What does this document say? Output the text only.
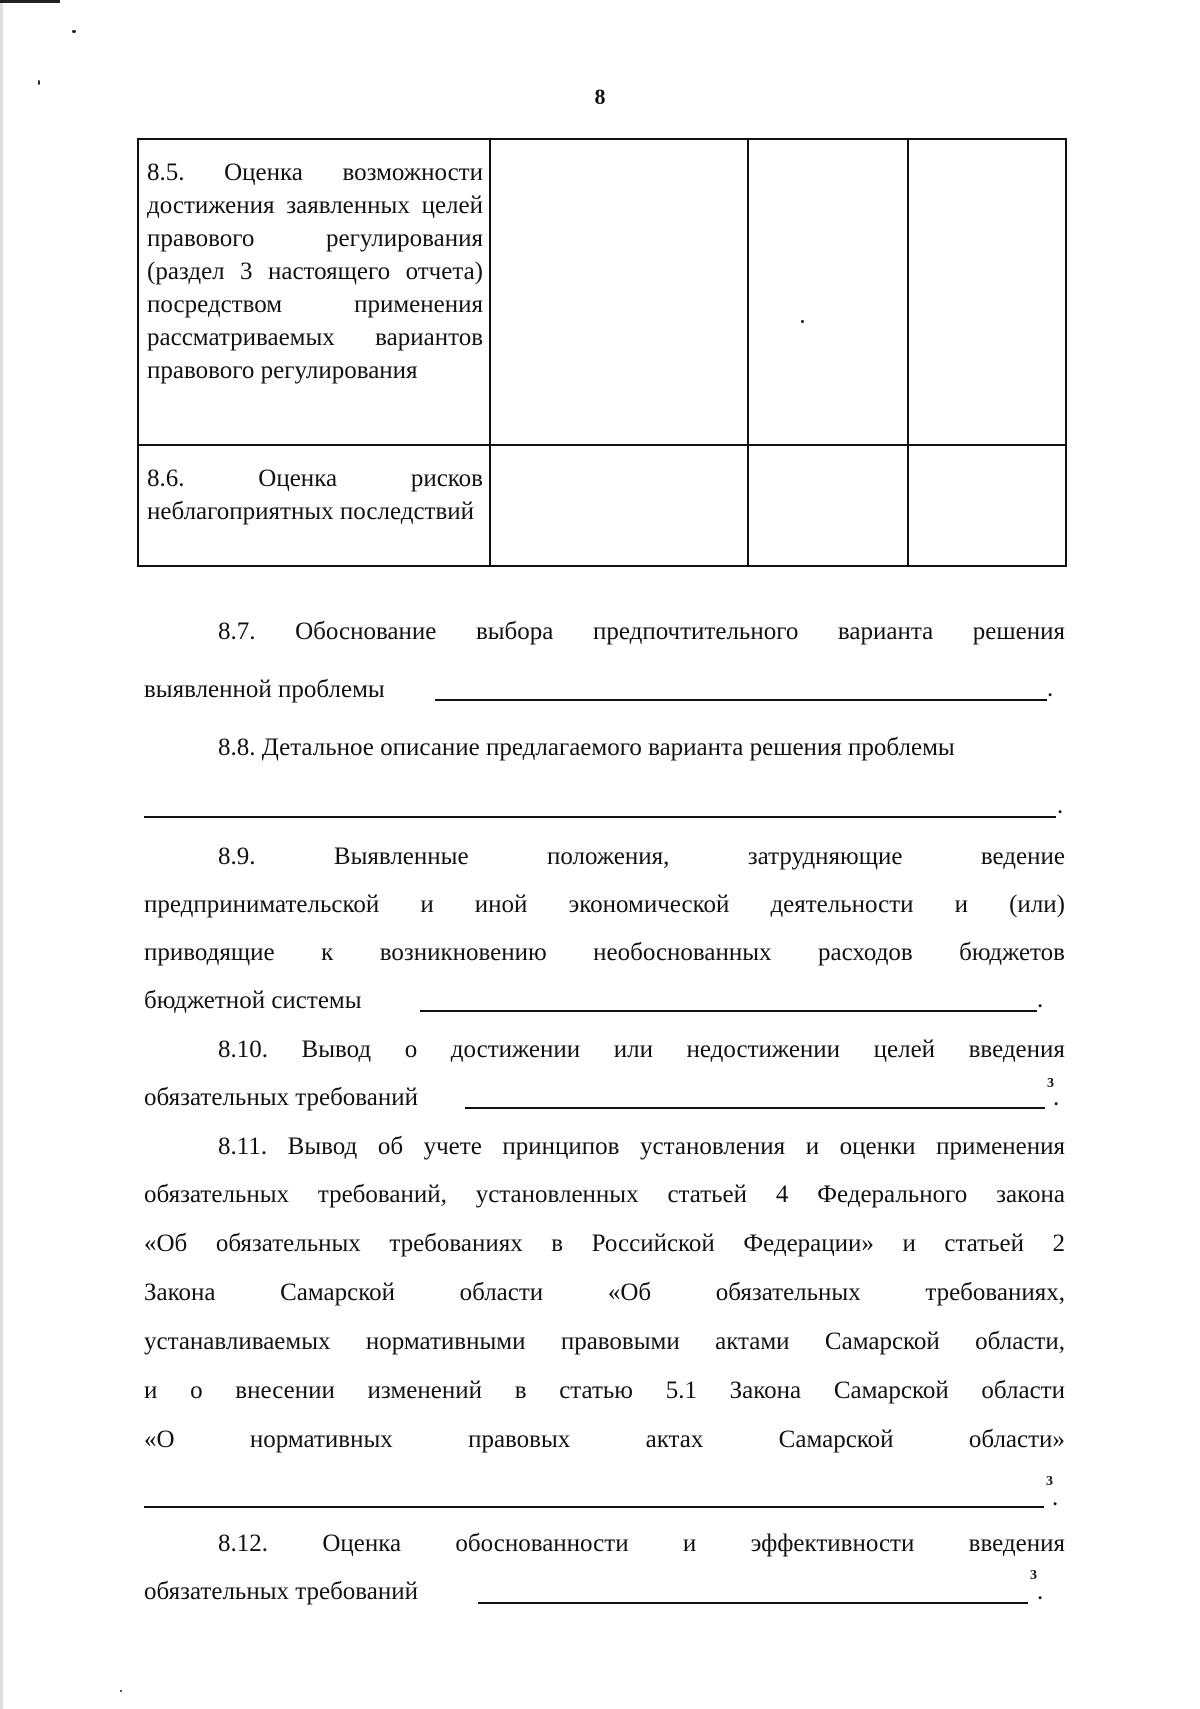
8
8.5. Оценка возможности достижения заявленных целей правового регулирования (раздел 3 настоящего отчета) посредством применения рассматриваемых вариантов правового регулирования			
8.6. Оценка рисков неблагоприятных последствий			
8.7. Обоснование выбора предпочтительного варианта решения
выявленной проблемы	.
8.8. Детальное описание предлагаемого варианта решения проблемы
.
8.9.	Выявленные	положения,	затрудняющие	ведение
предпринимательской и иной экономической деятельности и (или)
приводящие к возникновению необоснованных расходов бюджетов
бюджетной системы	.
8.10. Вывод о достижении или недостижении целей введения
обязательных требований
3
.
8.11. Вывод об учете принципов установления и оценки применения
обязательных требований, установленных статьей 4 Федерального закона
«Об обязательных требованиях в Российской Федерации» и статьей 2
Закона	Самарской	области	«Об	обязательных	требованиях,
устанавливаемых нормативными правовыми актами Самарской области,
и о внесении изменений в статью 5.1 Закона Самарской области
«О	нормативных	правовых	актах	Самарской	области»
3
.
8.12. Оценка обоснованности и эффективности введения
обязательных требований
3
.
